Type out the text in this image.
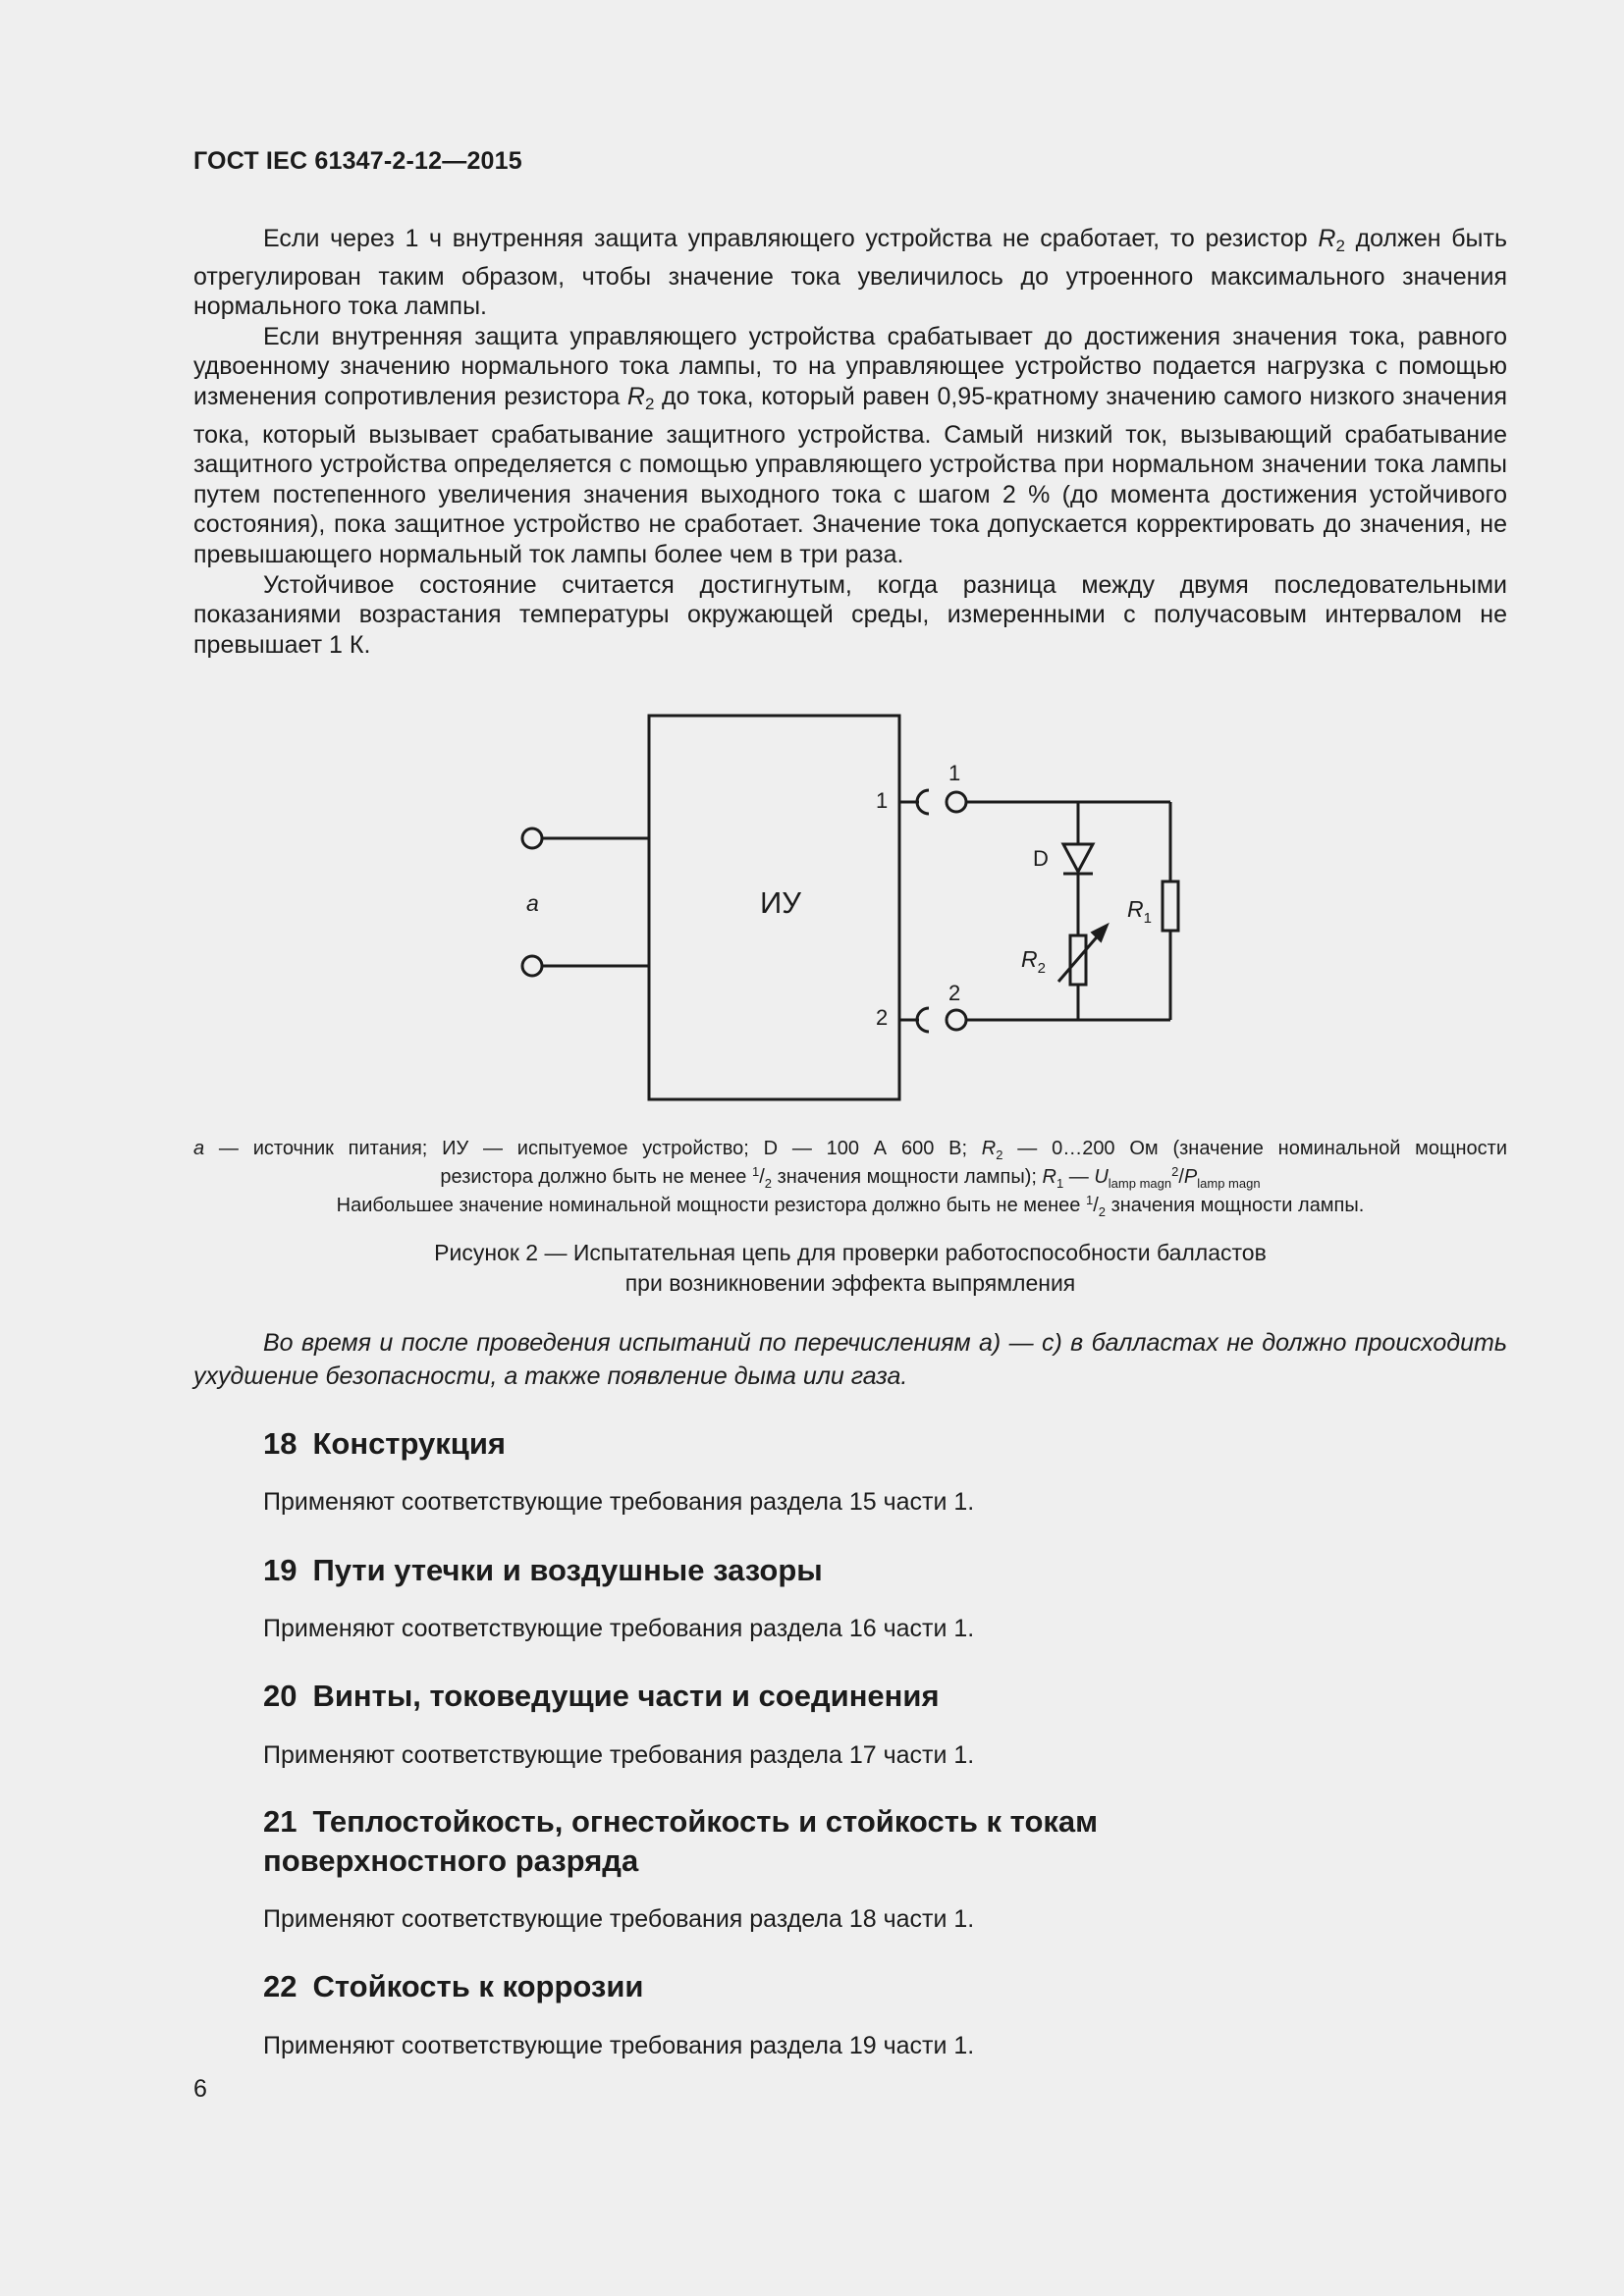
ГОСТ IEC 61347-2-12—2015

Если через 1 ч внутренняя защита управляющего устройства не сработает, то резистор $R_2$ должен быть отрегулирован таким образом, чтобы значение тока увеличилось до утроенного максимального значения нормального тока лампы.

Если внутренняя защита управляющего устройства срабатывает до достижения значения тока, равного удвоенному значению нормального тока лампы, то на управляющее устройство подается нагрузка с помощью изменения сопротивления резистора $R_2$ до тока, который равен 0,95-кратному значению самого низкого значения тока, который вызывает срабатывание защитного устройства. Самый низкий ток, вызывающий срабатывание защитного устройства определяется с помощью управляющего устройства при нормальном значении тока лампы путем постепенного увеличения значения выходного тока с шагом 2 % (до момента достижения устойчивого состояния), пока защитное устройство не сработает. Значение тока допускается корректировать до значения, не превышающего нормальный ток лампы более чем в три раза.

Устойчивое состояние считается достигнутым, когда разница между двумя последовательными показаниями возрастания температуры окружающей среды, измеренными с получасовым интервалом не превышает 1 К.

ИУ
a
1
1
2
2
D
$R_1$
$R_2$
a — источник питания; ИУ — испытуемое устройство; D — 100 А 600 В; $R_2$ — 0…200 Ом (значение номинальной мощности
резистора должно быть не менее $^1/_2$ значения мощности лампы); $R_1$ — $U_{lamp magn}^2/P_{lamp magn}$
Наибольшее значение номинальной мощности резистора должно быть не менее $^1/_2$ значения мощности лампы.
Рисунок 2 — Испытательная цепь для проверки работоспособности балластов
при возникновении эффекта выпрямления
Во время и после проведения испытаний по перечислениям a) — c) в балластах не должно происходить ухудшение безопасности, а также появление дыма или газа.
18 Конструкция
Применяют соответствующие требования раздела 15 части 1.
19 Пути утечки и воздушные зазоры
Применяют соответствующие требования раздела 16 части 1.
20 Винты, токоведущие части и соединения
Применяют соответствующие требования раздела 17 части 1.
21 Теплостойкость, огнестойкость и стойкость к токам поверхностного разряда
Применяют соответствующие требования раздела 18 части 1.
22 Стойкость к коррозии
Применяют соответствующие требования раздела 19 части 1.
6
